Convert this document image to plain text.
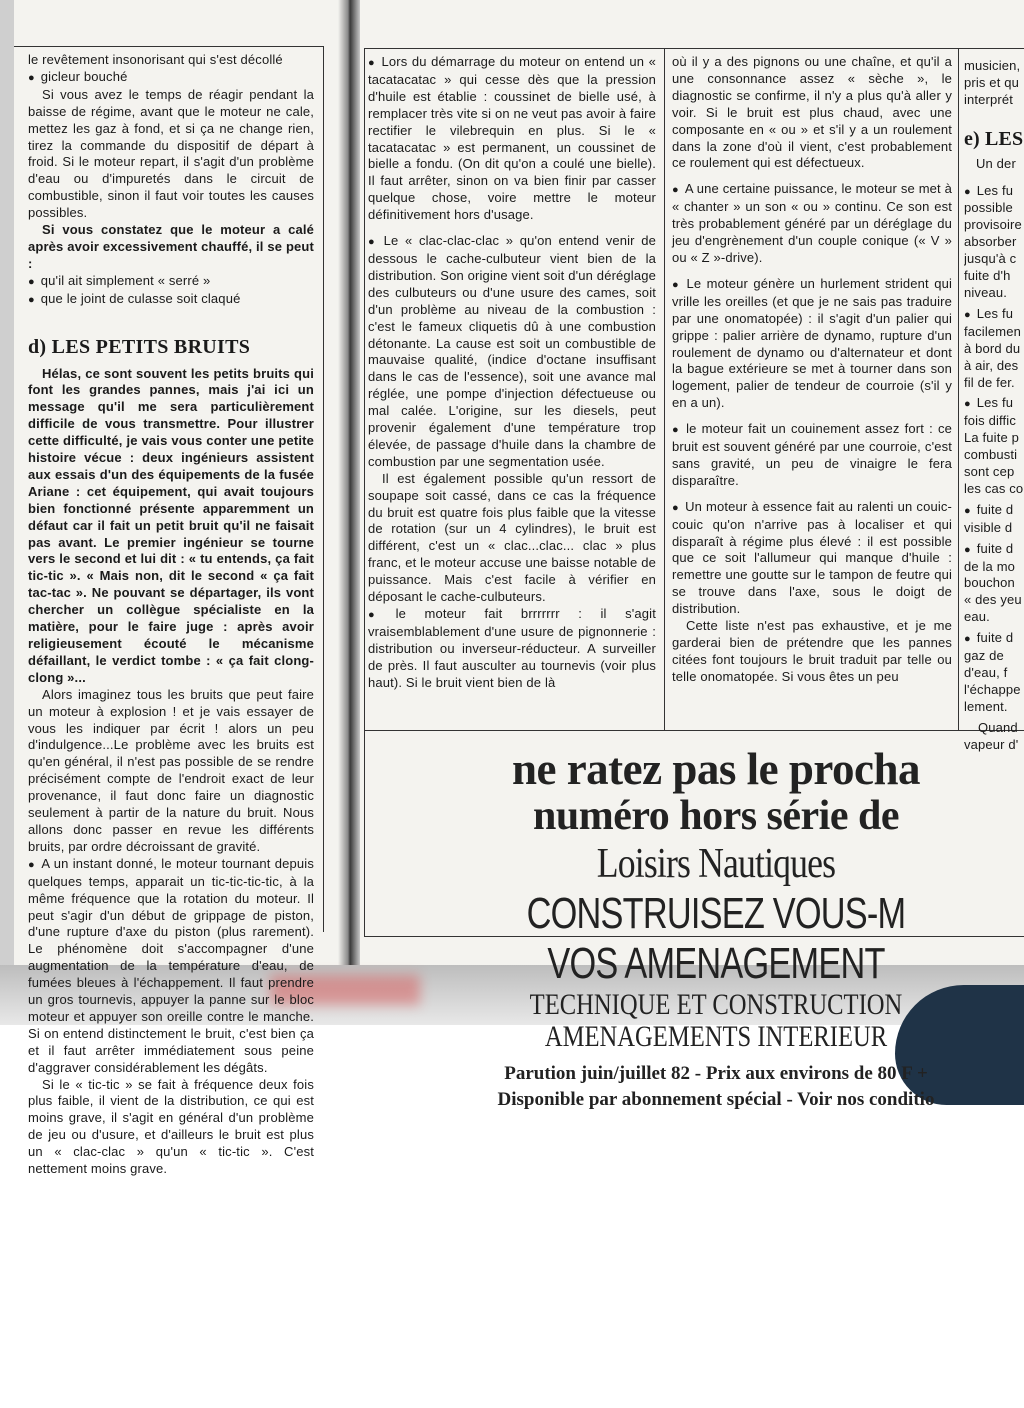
le revêtement insonorisant qui s'est décollé

● gicleur bouché

Si vous avez le temps de réagir pendant la baisse de régime, avant que le moteur ne cale, mettez les gaz à fond, et si ça ne change rien, tirez la commande du dispositif de départ à froid. Si le moteur repart, il s'agit d'un problème d'eau ou d'impuretés dans le circuit de combustible, sinon il faut voir toutes les causes possibles.

Si vous constatez que le moteur a calé après avoir excessivement chauffé, il se peut :

● qu'il ait simplement « serré »

● que le joint de culasse soit claqué

d) LES PETITS BRUITS

Hélas, ce sont souvent les petits bruits qui font les grandes pannes, mais j'ai ici un message qu'il me sera particulièrement difficile de vous transmettre. Pour illustrer cette difficulté, je vais vous conter une petite histoire vécue : deux ingénieurs assistent aux essais d'un des équipements de la fusée Ariane : cet équipement, qui avait toujours bien fonctionné présente apparemment un défaut car il fait un petit bruit qu'il ne faisait pas avant. Le premier ingénieur se tourne vers le second et lui dit : « tu entends, ça fait tic-tic ». « Mais non, dit le second « ça fait tac-tac ». Ne pouvant se départager, ils vont chercher un collègue spécialiste en la matière, pour le faire juge : après avoir religieusement écouté le mécanisme défaillant, le verdict tombe : « ça fait clong-clong »...

Alors imaginez tous les bruits que peut faire un moteur à explosion ! et je vais essayer de vous les indiquer par écrit ! alors un peu d'indulgence...Le problème avec les bruits est qu'en général, il n'est pas possible de se rendre précisément compte de l'endroit exact de leur provenance, il faut donc faire un diagnostic seulement à partir de la nature du bruit. Nous allons donc passer en revue les différents bruits, par ordre décroissant de gravité.

● A un instant donné, le moteur tournant depuis quelques temps, apparait un tic-tic-tic-tic, à la même fréquence que la rotation du moteur. Il peut s'agir d'un début de grippage de piston, d'une rupture d'axe du piston (plus rarement). Le phénomène doit s'accompagner d'une augmentation de la température d'eau, de fumées bleues à l'échappement. Il faut prendre un gros tournevis, appuyer la panne sur le bloc moteur et appuyer son oreille contre le manche. Si on entend distinctement le bruit, c'est bien ça et il faut arrêter immédiatement sous peine d'aggraver considérablement les dégâts.

Si le « tic-tic » se fait à fréquence deux fois plus faible, il vient de la distribution, ce qui est moins grave, il s'agit en général d'un problème de jeu ou d'usure, et d'ailleurs le bruit est plus un « clac-clac » qu'un « tic-tic ». C'est nettement moins grave.

● Lors du démarrage du moteur on entend un « tacatacatac » qui cesse dès que la pression d'huile est établie : coussinet de bielle usé, à remplacer très vite si on ne veut pas avoir à faire rectifier le vilebrequin en plus. Si le « tacatacatac » est permanent, un coussinet de bielle a fondu. (On dit qu'on a coulé une bielle). Il faut arrêter, sinon on va bien finir par casser quelque chose, voire mettre le moteur définitivement hors d'usage.

● Le « clac-clac-clac » qu'on entend venir de dessous le cache-culbuteur vient bien de la distribution. Son origine vient soit d'un déréglage des culbuteurs ou d'une usure des cames, soit d'un problème au niveau de la combustion : c'est le fameux cliquetis dû à une combustion détonante. La cause est soit un combustible de mauvaise qualité, (indice d'octane insuffisant dans le cas de l'essence), soit une avance mal réglée, une pompe d'injection défectueuse ou mal calée. L'origine, sur les diesels, peut provenir également d'une température trop élevée, de passage d'huile dans la chambre de combustion par une segmentation usée.

Il est également possible qu'un ressort de soupape soit cassé, dans ce cas la fréquence du bruit est quatre fois plus faible que la vitesse de rotation (sur un 4 cylindres), le bruit est différent, c'est un « clac...clac... clac » plus franc, et le moteur accuse une baisse notable de puissance. Mais c'est facile à vérifier en déposant le cache-culbuteurs.

● le moteur fait brrrrrrr : il s'agit vraisemblablement d'une usure de pignonnerie : distribution ou inverseur-réducteur. A surveiller de près. Il faut ausculter au tournevis (voir plus haut). Si le bruit vient bien de là

où il y a des pignons ou une chaîne, et qu'il a une consonnance assez « sèche », le diagnostic se confirme, il n'y a plus qu'à aller y voir. Si le bruit est plus chaud, avec une composante en « ou » et s'il y a un roulement dans la zone d'où il vient, c'est probablement ce roulement qui est défectueux.

● A une certaine puissance, le moteur se met à « chanter » un son « ou » continu. Ce son est très probablement généré par un déréglage du jeu d'engrènement d'un couple conique (« V » ou « Z »-drive).

● Le moteur génère un hurlement strident qui vrille les oreilles (et que je ne sais pas traduire par une onomatopée) : il s'agit d'un palier qui grippe : palier arrière de dynamo, rupture d'un roulement de dynamo ou d'alternateur et dont la bague extérieure se met à tourner dans son logement, palier de tendeur de courroie (s'il y en a un).

● le moteur fait un couinement assez fort : ce bruit est souvent généré par une courroie, c'est sans gravité, un peu de vinaigre le fera disparaître.

● Un moteur à essence fait au ralenti un couic-couic qu'on n'arrive pas à localiser et qui disparaît à régime plus élevé : il est possible que ce soit l'allumeur qui manque d'huile : remettre une goutte sur le tampon de feutre qui se trouve dans l'axe, sous le doigt de distribution.

Cette liste n'est pas exhaustive, et je me garderai bien de prétendre que les pannes citées font toujours le bruit traduit par telle ou telle onomatopée. Si vous êtes un peu

musicien,
pris et qu
interprét
e) LES
Un der
● Les fu
possible
provisoire
absorber
jusqu'à c
fuite d'h
niveau.
● Les fu
facilemen
à bord du
à air, des
fil de fer.
● Les fu
fois diffic
La fuite p
combusti
sont cep
les cas co
● fuite d
visible d
● fuite d
de la mo
bouchon
« des yeu
eau.
● fuite d
gaz de
d'eau, f
l'échappe
lement.
Quand
vapeur d'
ne ratez pas le procha
numéro hors série de
Loisirs Nautiques
CONSTRUISEZ VOUS-M
VOS AMENAGEMENT
TECHNIQUE ET CONSTRUCTION
AMENAGEMENTS INTERIEUR
Parution juin/juillet 82 - Prix aux environs de 80 F +
Disponible par abonnement spécial - Voir nos conditio
